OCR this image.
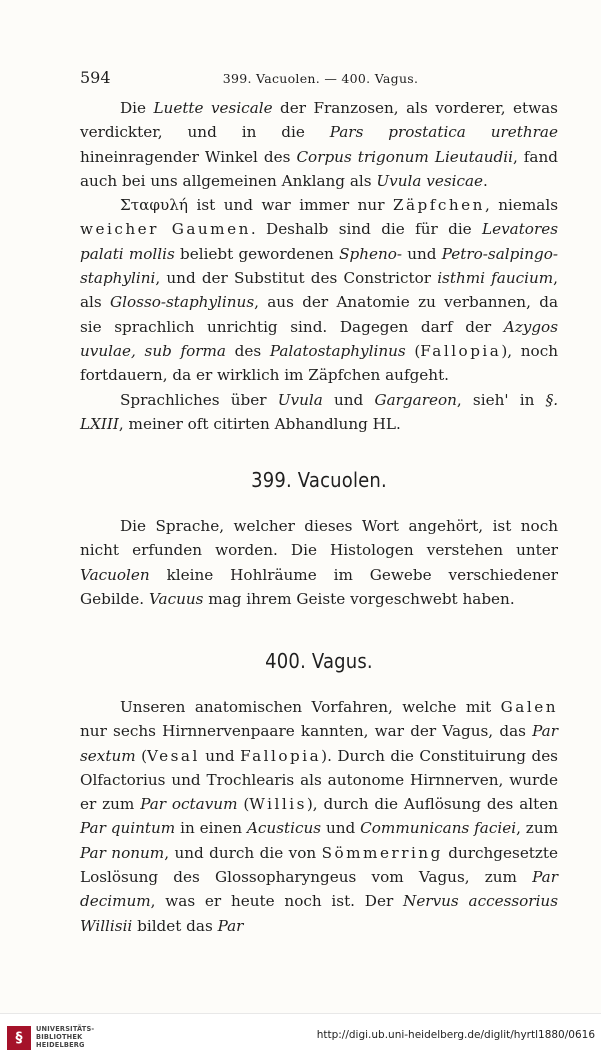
594	399. Vacuolen. — 400. Vagus.

Die Luette vesicale der Franzosen, als vorderer, etwas verdickter, und in die Pars prostatica urethrae hineinragender Winkel des Corpus trigonum Lieutaudii, fand auch bei uns allgemeinen Anklang als Uvula vesicae.

Σταφυλή ist und war immer nur Zäpfchen, niemals weicher Gaumen. Deshalb sind die für die Levatores palati mollis beliebt gewordenen Spheno- und Petro-salpingo-staphylini, und der Substitut des Constrictor isthmi faucium, als Glosso-staphylinus, aus der Anatomie zu verbannen, da sie sprachlich unrichtig sind. Dagegen darf der Azygos uvulae, sub forma des Palatostaphylinus (Fallopia), noch fortdauern, da er wirklich im Zäpfchen aufgeht.

Sprachliches über Uvula und Gargareon, sieh' in §. LXIII, meiner oft citirten Abhandlung HL.

399. Vacuolen.

Die Sprache, welcher dieses Wort angehört, ist noch nicht erfunden worden. Die Histologen verstehen unter Vacuolen kleine Hohlräume im Gewebe verschiedener Gebilde. Vacuus mag ihrem Geiste vorgeschwebt haben.

400. Vagus.

Unseren anatomischen Vorfahren, welche mit Galen nur sechs Hirnnervenpaare kannten, war der Vagus, das Par sextum (Vesal und Fallopia). Durch die Constituirung des Olfactorius und Trochlearis als autonome Hirnnerven, wurde er zum Par octavum (Willis), durch die Auflösung des alten Par quintum in einen Acusticus und Communicans faciei, zum Par nonum, und durch die von Sömmerring durchgesetzte Loslösung des Glossopharyngeus vom Vagus, zum Par decimum, was er heute noch ist. Der Nervus accessorius Willisii bildet das Par

§
UNIVERSITÄTS-
BIBLIOTHEK
HEIDELBERG
http://digi.ub.uni-heidelberg.de/diglit/hyrtl1880/0616
